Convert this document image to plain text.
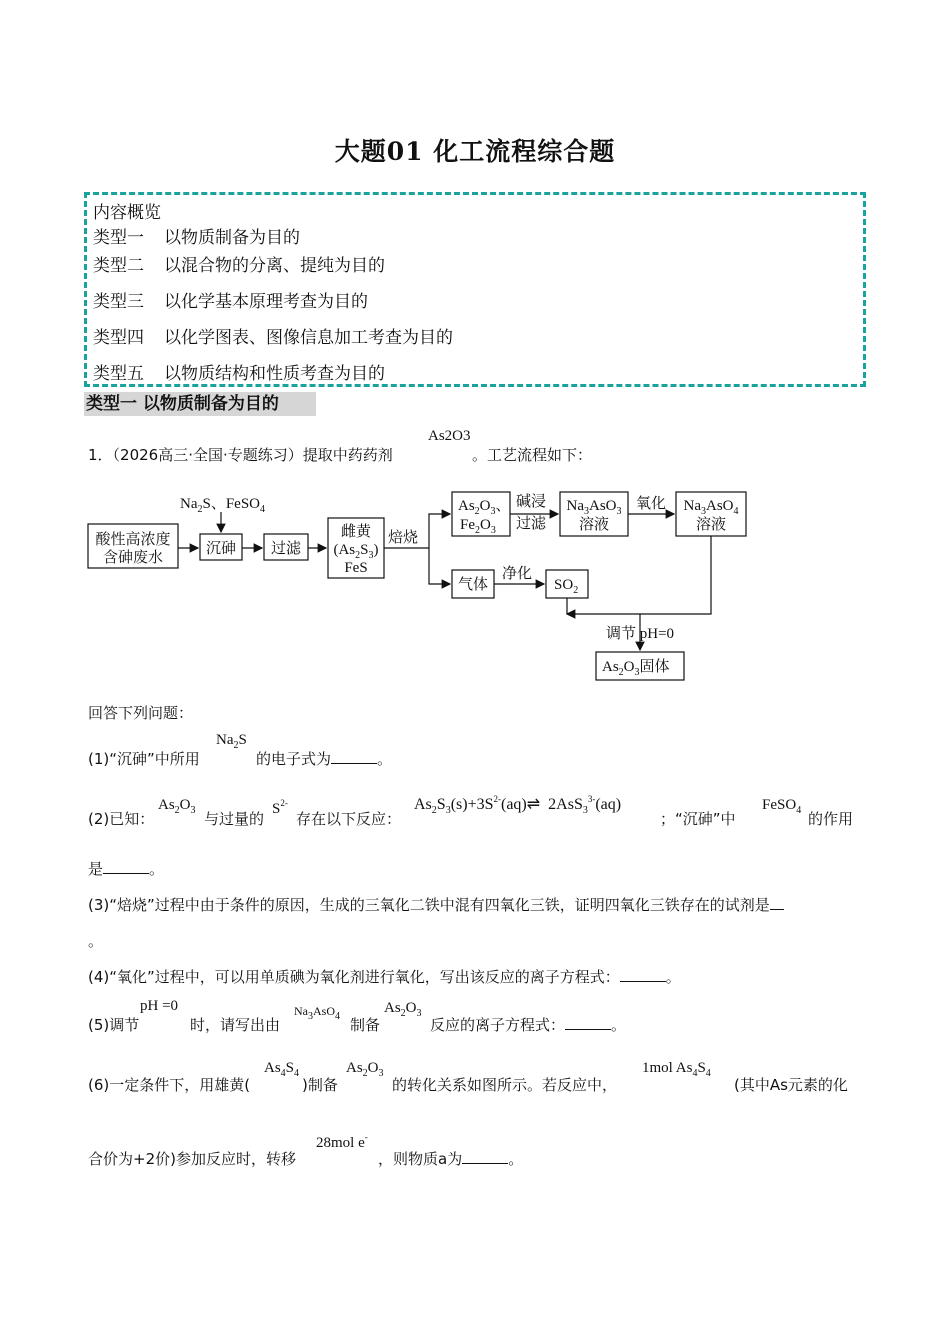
大题01 化工流程综合题
内容概览
类型一 以物质制备为目的
类型二 以混合物的分离、提纯为目的
类型三 以化学基本原理考查为目的
类型四 以化学图表、图像信息加工考查为目的
类型五 以物质结构和性质考查为目的
类型一 以物质制备为目的
1．（2026高三·全国·专题练习）提取中药药剂
As2O3
。工艺流程如下：
$Na_2S$、FeSO$_4$
酸性高浓度
含砷废水
沉砷 过滤
雌黄
$(As_2S_3)$
FeS
焙烧
$As_2O_3$、
$Fe_2O_3$
碱浸
过滤
$Na_3AsO_3$
溶液
氧化 $Na_3AsO_4$
溶液
气体
净化
$SO_2$
调节 pH=0
$As_2O_3$固体
回答下列问题：
(1)“沉砷”中所用
$Na_2S$
的电子式为	。
(2)已知：
$As_2O_3$ 与过量的
$S^{2-}$
存在以下反应：
$As_2S_3(s)+3S^{2-}(aq)\rightleftharpoons$  2AsS$_3^{3-}$(aq)
；“沉砷”中
FeSO$_4$ 的作用
是	。
(3)“焙烧”过程中由于条件的原因，生成的三氧化二铁中混有四氧化三铁，证明四氧化三铁存在的试剂是
。
(4)“氧化”过程中，可以用单质碘为氧化剂进行氧化，写出该反应的离子方程式：	。
(5)调节
pH =0
时，请写出由
$Na_3AsO_4$ 制备
$As_2O_3$
反应的离子方程式：	。
(6)一定条件下，用雄黄(
$As_4S_4$
)制备
$As_2O_3$
的转化关系如图所示。若反应中，
1mol $As_4S_4$
(其中As元素的化
合价为+2价)参加反应时，转移
28mol e-
，则物质a为	。
